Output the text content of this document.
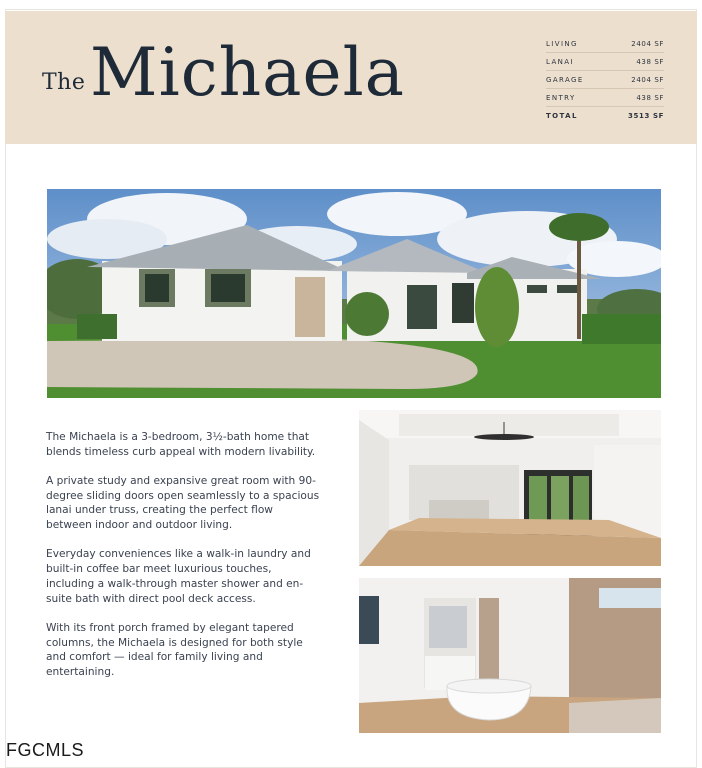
The Michaela	LIVING	2404 SF
LANAI	438 SF
GARAGE	2404 SF
ENTRY	438 SF
TOTAL	3513 SF

The Michaela is a 3-bedroom, 3½-bath home that blends timeless curb appeal with modern livability.

A private study and expansive great room with 90-degree sliding doors open seamlessly to a spacious lanai under truss, creating the perfect flow between indoor and outdoor living.

Everyday conveniences like a walk-in laundry and built-in coffee bar meet luxurious touches, including a walk-through master shower and en-suite bath with direct pool deck access.

With its front porch framed by elegant tapered columns, the Michaela is designed for both style and comfort — ideal for family living and entertaining.

FGCMLS
